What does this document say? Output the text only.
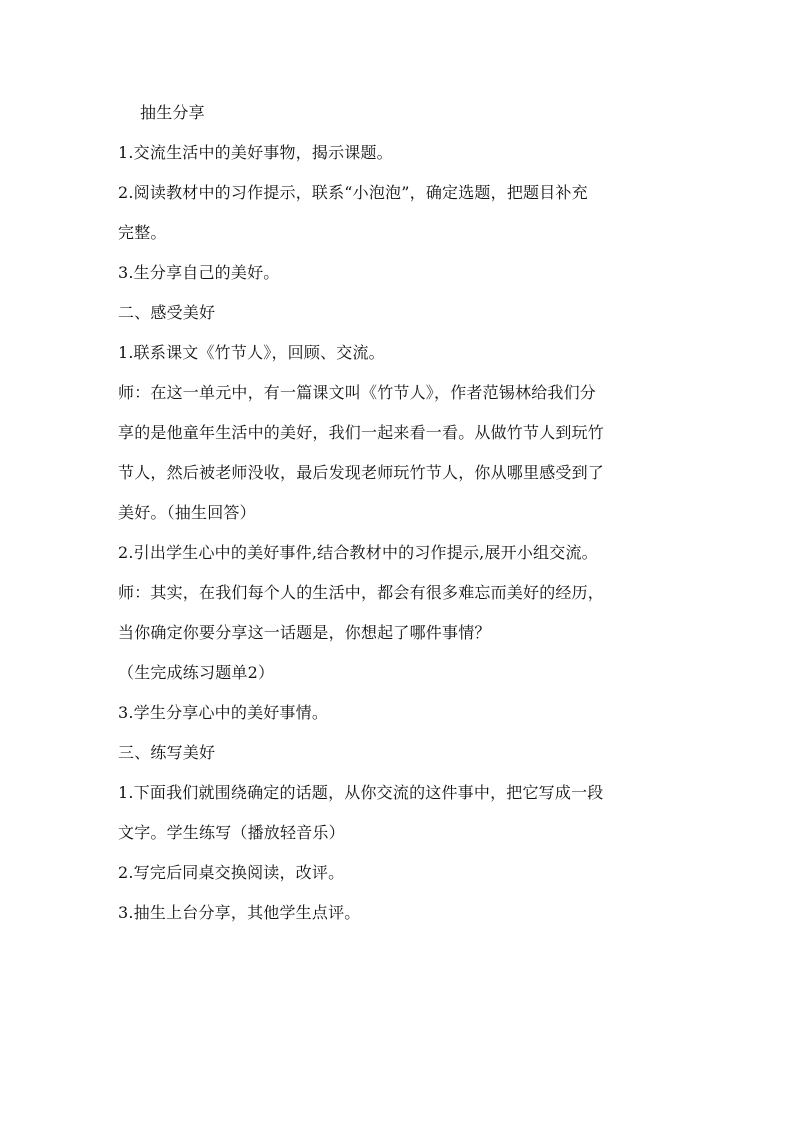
抽生分享
1.交流生活中的美好事物，揭示课题。
2.阅读教材中的习作提示，联系“小泡泡”，确定选题，把题目补充
完整。
3.生分享自己的美好。
二、感受美好
1.联系课文《竹节人》，回顾、交流。
师：在这一单元中，有一篇课文叫《竹节人》，作者范锡林给我们分
享的是他童年生活中的美好，我们一起来看一看。从做竹节人到玩竹
节人，然后被老师没收，最后发现老师玩竹节人，你从哪里感受到了
美好。（抽生回答）
2.引出学生心中的美好事件,结合教材中的习作提示,展开小组交流。
师：其实，在我们每个人的生活中，都会有很多难忘而美好的经历，
当你确定你要分享这一话题是，你想起了哪件事情？
（生完成练习题单2）
3.学生分享心中的美好事情。
三、练写美好
1.下面我们就围绕确定的话题，从你交流的这件事中，把它写成一段
文字。学生练写（播放轻音乐）
2.写完后同桌交换阅读，改评。
3.抽生上台分享，其他学生点评。
